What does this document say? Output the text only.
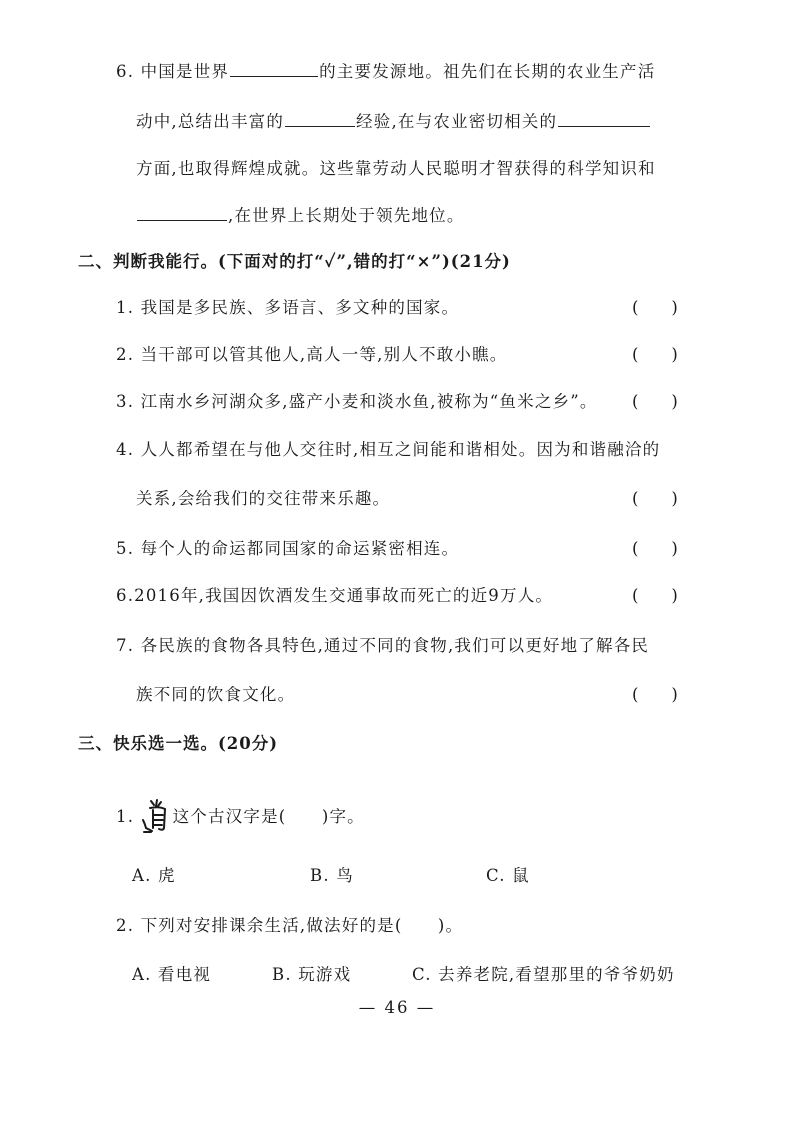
6. 中国是世界	的主要发源地。祖先们在长期的农业生产活
动中,总结出丰富的	经验,在与农业密切相关的
方面,也取得辉煌成就。这些靠劳动人民聪明才智获得的科学知识和
,在世界上长期处于领先地位。
二、判断我能行。(下面对的打“✓”,错的打“×”)(21分)
1. 我国是多民族、多语言、多文种的国家。	(　　)
2. 当干部可以管其他人,高人一等,别人不敢小瞧。	(　　)
3. 江南水乡河湖众多,盛产小麦和淡水鱼,被称为“鱼米之乡”。 (　　)
4. 人人都希望在与他人交往时,相互之间能和谐相处。因为和谐融洽的
关系,会给我们的交往带来乐趣。	(　　)
5. 每个人的命运都同国家的命运紧密相连。	(　　)
6.2016年,我国因饮酒发生交通事故而死亡的近9万人。	(　　)
7. 各民族的食物各具特色,通过不同的食物,我们可以更好地了解各民
族不同的饮食文化。	(　　)
三、快乐选一选。(20分)
1. 这个古汉字是(　　)字。
A. 虎	B. 鸟	C. 鼠
2. 下列对安排课余生活,做法好的是(　　)。
A. 看电视	B. 玩游戏	C. 去养老院,看望那里的爷爷奶奶
— 46 —
